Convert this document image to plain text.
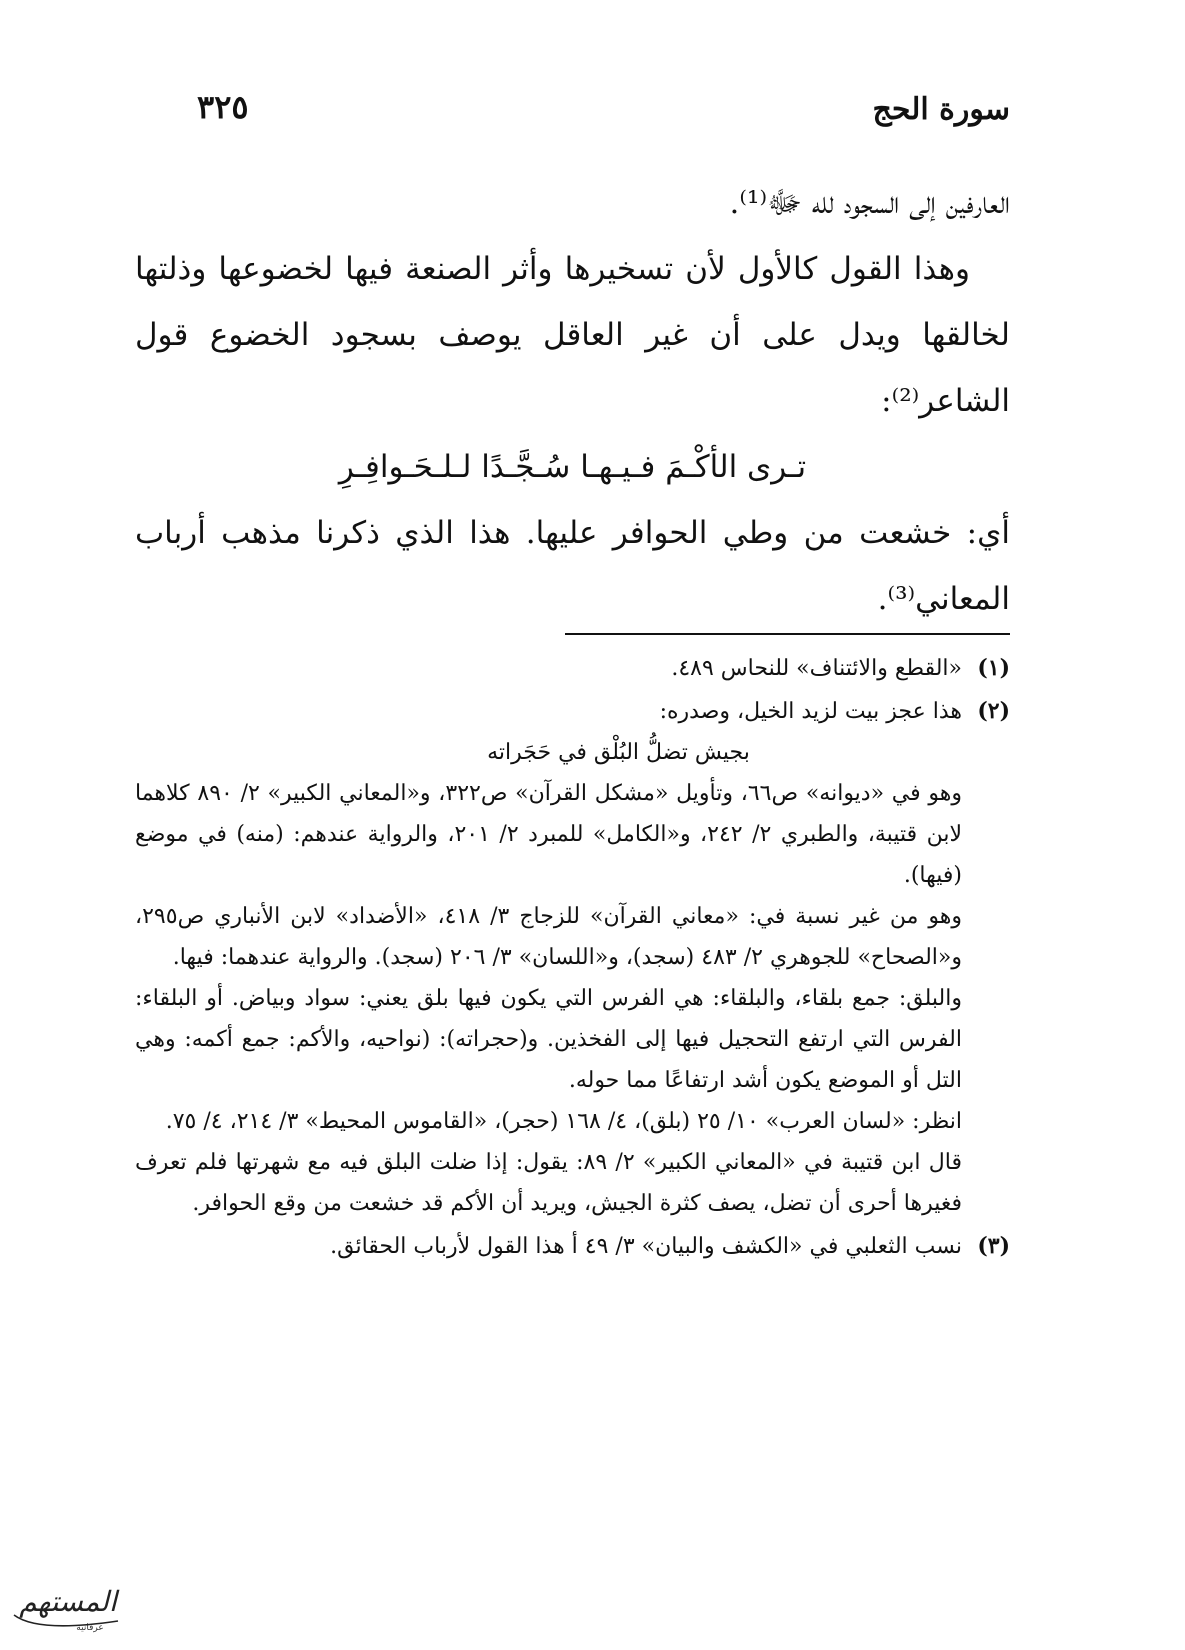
سورة الحج
٣٢٥

العارفين إلى السجود لله ﷻ⁽¹⁾.

وهذا القول كالأول لأن تسخيرها وأثر الصنعة فيها لخضوعها وذلتها لخالقها ويدل على أن غير العاقل يوصف بسجود الخضوع قول الشاعر⁽²⁾:

تـرى الأكْـمَ فـيـهـا سُـجَّـدًا لـلـحَـوافِـرِ

أي: خشعت من وطي الحوافر عليها. هذا الذي ذكرنا مذهب أرباب المعاني⁽³⁾.

(١)

«القطع والائتناف» للنحاس ٤٨٩.

(٢)

هذا عجز بيت لزيد الخيل، وصدره:

بجيش تضلُّ البُلْق في حَجَراته

وهو في «ديوانه» ص٦٦، وتأويل «مشكل القرآن» ص٣٢٢، و«المعاني الكبير» ٢/ ٨٩٠ كلاهما لابن قتيبة، والطبري ٢/ ٢٤٢، و«الكامل» للمبرد ٢/ ٢٠١، والرواية عندهم: (منه) في موضع (فيها).

وهو من غير نسبة في: «معاني القرآن» للزجاج ٣/ ٤١٨، «الأضداد» لابن الأنباري ص٢٩٥، و«الصحاح» للجوهري ٢/ ٤٨٣ (سجد)، و«اللسان» ٣/ ٢٠٦ (سجد). والرواية عندهما: فيها.

والبلق: جمع بلقاء، والبلقاء: هي الفرس التي يكون فيها بلق يعني: سواد وبياض. أو البلقاء: الفرس التي ارتفع التحجيل فيها إلى الفخذين. و(حجراته): (نواحيه، والأكم: جمع أكمه: وهي التل أو الموضع يكون أشد ارتفاعًا مما حوله.

انظر: «لسان العرب» ١٠/ ٢٥ (بلق)، ٤/ ١٦٨ (حجر)، «القاموس المحيط» ٣/ ٢١٤، ٤/ ٧٥.

قال ابن قتيبة في «المعاني الكبير» ٢/ ٨٩: يقول: إذا ضلت البلق فيه مع شهرتها فلم تعرف فغيرها أحرى أن تضل، يصف كثرة الجيش، ويريد أن الأكم قد خشعت من وقع الحوافر.

(٣)

نسب الثعلبي في «الكشف والبيان» ٣/ ٤٩ أ هذا القول لأرباب الحقائق.

المستهم
عرفانية
